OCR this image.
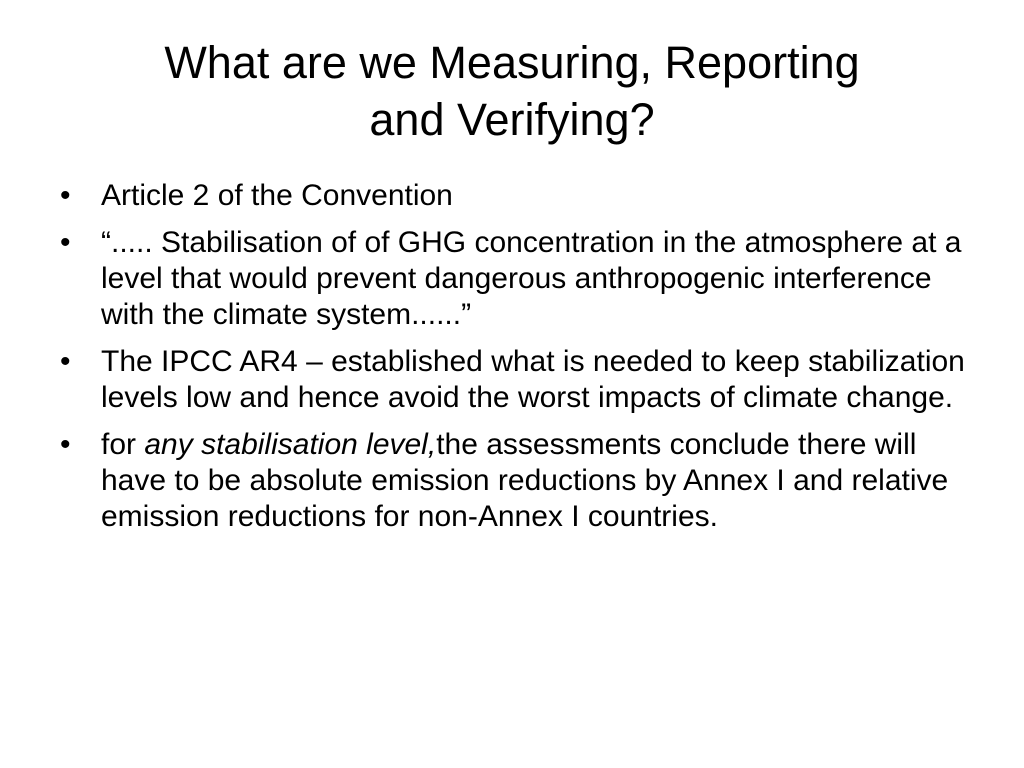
What are we Measuring, Reporting
and Verifying?
•	Article 2 of the Convention
•	“..... Stabilisation of of GHG concentration in the atmosphere at a level that would prevent dangerous anthropogenic interference with the climate system......”
•	The IPCC AR4 – established what is needed to keep stabilization levels low and hence avoid the worst impacts of climate change.
•	for any stabilisation level,the assessments conclude there will have to be absolute emission reductions by Annex I and relative emission reductions for non-Annex I countries.
